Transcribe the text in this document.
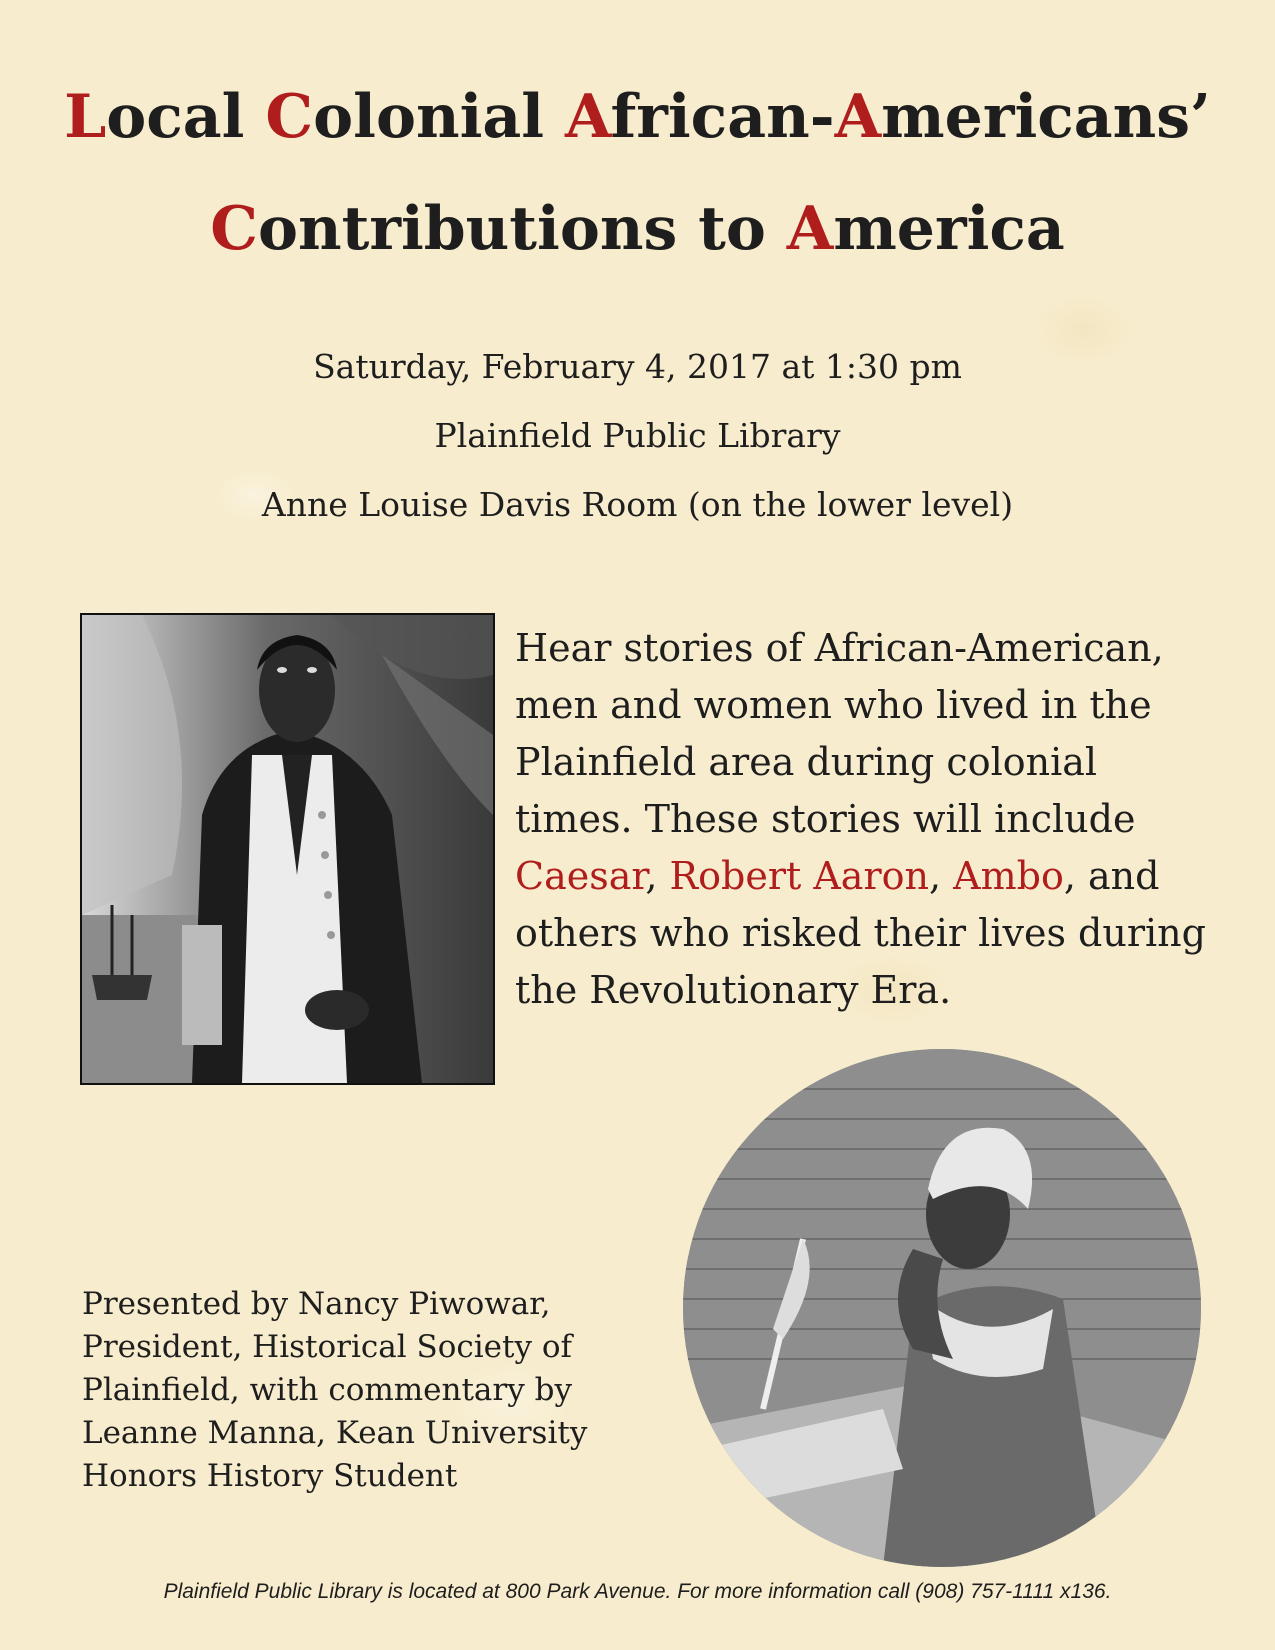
Local Colonial African-Americans’
Contributions to America
Saturday, February 4, 2017 at 1:30 pm
Plainfield Public Library
Anne Louise Davis Room (on the lower level)

Hear stories of African-American,

men and women who lived in the

Plainfield area during colonial

times. These stories will include

Caesar, Robert Aaron, Ambo, and

others who risked their lives during

the Revolutionary Era.

Presented by Nancy Piwowar,

President, Historical Society of

Plainfield, with commentary by

Leanne Manna, Kean University

Honors History Student

Plainfield Public Library is located at 800 Park Avenue. For more information call (908) 757-1111 x136.
